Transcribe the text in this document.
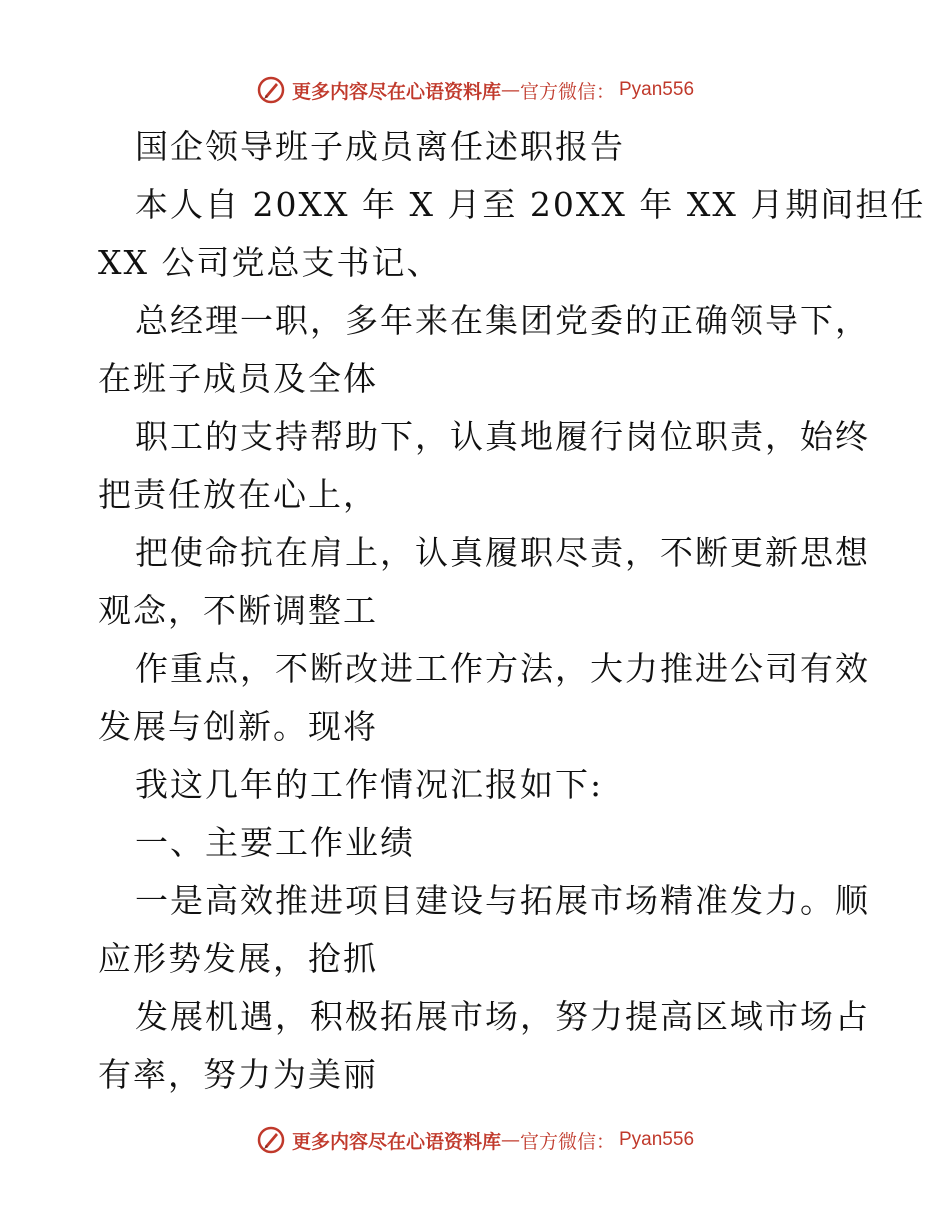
更多内容尽在心语资料库 — 官方微信： Pyan556
国企领导班子成员离任述职报告
本人自 20XX 年 X 月至 20XX 年 XX 月期间担任
XX 公司党总支书记、
总经理一职，多年来在集团党委的正确领导下，
在班子成员及全体
职工的支持帮助下，认真地履行岗位职责，始终
把责任放在心上，
把使命抗在肩上，认真履职尽责，不断更新思想
观念，不断调整工
作重点，不断改进工作方法，大力推进公司有效
发展与创新。现将
我这几年的工作情况汇报如下:
一、主要工作业绩
一是高效推进项目建设与拓展市场精准发力。顺
应形势发展，抢抓
发展机遇，积极拓展市场，努力提高区域市场占
有率，努力为美丽
更多内容尽在心语资料库 — 官方微信： Pyan556
